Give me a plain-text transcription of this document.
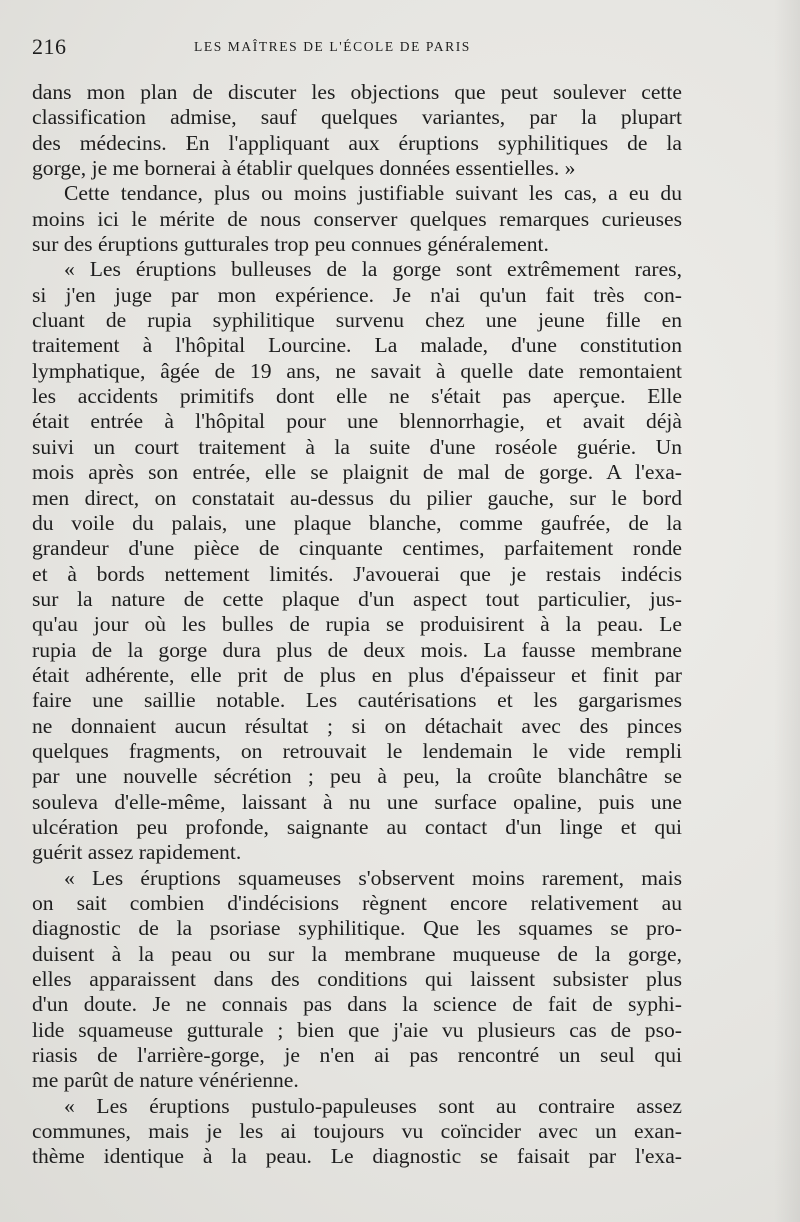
216	LES MAÎTRES DE L'ÉCOLE DE PARIS
dans mon plan de discuter les objections que peut soulever cette
classification admise, sauf quelques variantes, par la plupart
des médecins. En l'appliquant aux éruptions syphilitiques de la
gorge, je me bornerai à établir quelques données essentielles. »
Cette tendance, plus ou moins justifiable suivant les cas, a eu du
moins ici le mérite de nous conserver quelques remarques curieuses
sur des éruptions gutturales trop peu connues généralement.
« Les éruptions bulleuses de la gorge sont extrêmement rares,
si j'en juge par mon expérience. Je n'ai qu'un fait très con-
cluant de rupia syphilitique survenu chez une jeune fille en
traitement à l'hôpital Lourcine. La malade, d'une constitution
lymphatique, âgée de 19 ans, ne savait à quelle date remontaient
les accidents primitifs dont elle ne s'était pas aperçue. Elle
était entrée à l'hôpital pour une blennorrhagie, et avait déjà
suivi un court traitement à la suite d'une roséole guérie. Un
mois après son entrée, elle se plaignit de mal de gorge. A l'exa-
men direct, on constatait au-dessus du pilier gauche, sur le bord
du voile du palais, une plaque blanche, comme gaufrée, de la
grandeur d'une pièce de cinquante centimes, parfaitement ronde
et à bords nettement limités. J'avouerai que je restais indécis
sur la nature de cette plaque d'un aspect tout particulier, jus-
qu'au jour où les bulles de rupia se produisirent à la peau. Le
rupia de la gorge dura plus de deux mois. La fausse membrane
était adhérente, elle prit de plus en plus d'épaisseur et finit par
faire une saillie notable. Les cautérisations et les gargarismes
ne donnaient aucun résultat ; si on détachait avec des pinces
quelques fragments, on retrouvait le lendemain le vide rempli
par une nouvelle sécrétion ; peu à peu, la croûte blanchâtre se
souleva d'elle-même, laissant à nu une surface opaline, puis une
ulcération peu profonde, saignante au contact d'un linge et qui
guérit assez rapidement.
« Les éruptions squameuses s'observent moins rarement, mais
on sait combien d'indécisions règnent encore relativement au
diagnostic de la psoriase syphilitique. Que les squames se pro-
duisent à la peau ou sur la membrane muqueuse de la gorge,
elles apparaissent dans des conditions qui laissent subsister plus
d'un doute. Je ne connais pas dans la science de fait de syphi-
lide squameuse gutturale ; bien que j'aie vu plusieurs cas de pso-
riasis de l'arrière-gorge, je n'en ai pas rencontré un seul qui
me parût de nature vénérienne.
« Les éruptions pustulo-papuleuses sont au contraire assez
communes, mais je les ai toujours vu coïncider avec un exan-
thème identique à la peau. Le diagnostic se faisait par l'exa-
